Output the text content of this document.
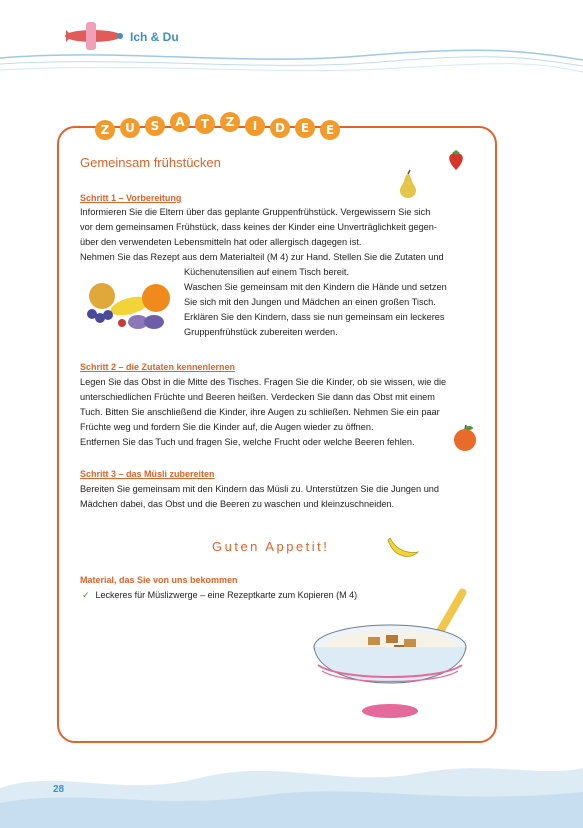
Ich & Du
Z	U	S	A	T	Z	I	D	E	E
Gemeinsam frühstücken
Schritt 1 – Vorbereitung

Informieren Sie die Eltern über das geplante Gruppenfrühstück. Vergewissern Sie sich

vor dem gemeinsamen Frühstück, dass keines der Kinder eine Unverträglichkeit gegen-

über den verwendeten Lebensmitteln hat oder allergisch dagegen ist.

Nehmen Sie das Rezept aus dem Materialteil (M 4) zur Hand. Stellen Sie die Zutaten und

Küchenutensilien auf einem Tisch bereit.

Waschen Sie gemeinsam mit den Kindern die Hände und setzen

Sie sich mit den Jungen und Mädchen an einen großen Tisch.

Erklären Sie den Kindern, dass sie nun gemeinsam ein leckeres

Gruppenfrühstück zubereiten werden.

Schritt 2 – die Zutaten kennenlernen

Legen Sie das Obst in die Mitte des Tisches. Fragen Sie die Kinder, ob sie wissen, wie die

unterschiedlichen Früchte und Beeren heißen. Verdecken Sie dann das Obst mit einem

Tuch. Bitten Sie anschließend die Kinder, ihre Augen zu schließen. Nehmen Sie ein paar

Früchte weg und fordern Sie die Kinder auf, die Augen wieder zu öffnen.

Entfernen Sie das Tuch und fragen Sie, welche Frucht oder welche Beeren fehlen.

Schritt 3 – das Müsli zubereiten

Bereiten Sie gemeinsam mit den Kindern das Müsli zu. Unterstützen Sie die Jungen und

Mädchen dabei, das Obst und die Beeren zu waschen und kleinzuschneiden.

Guten Appetit!
Material, das Sie von uns bekommen
✓ Leckeres für Müslizwerge – eine Rezeptkarte zum Kopieren (M 4)
28
